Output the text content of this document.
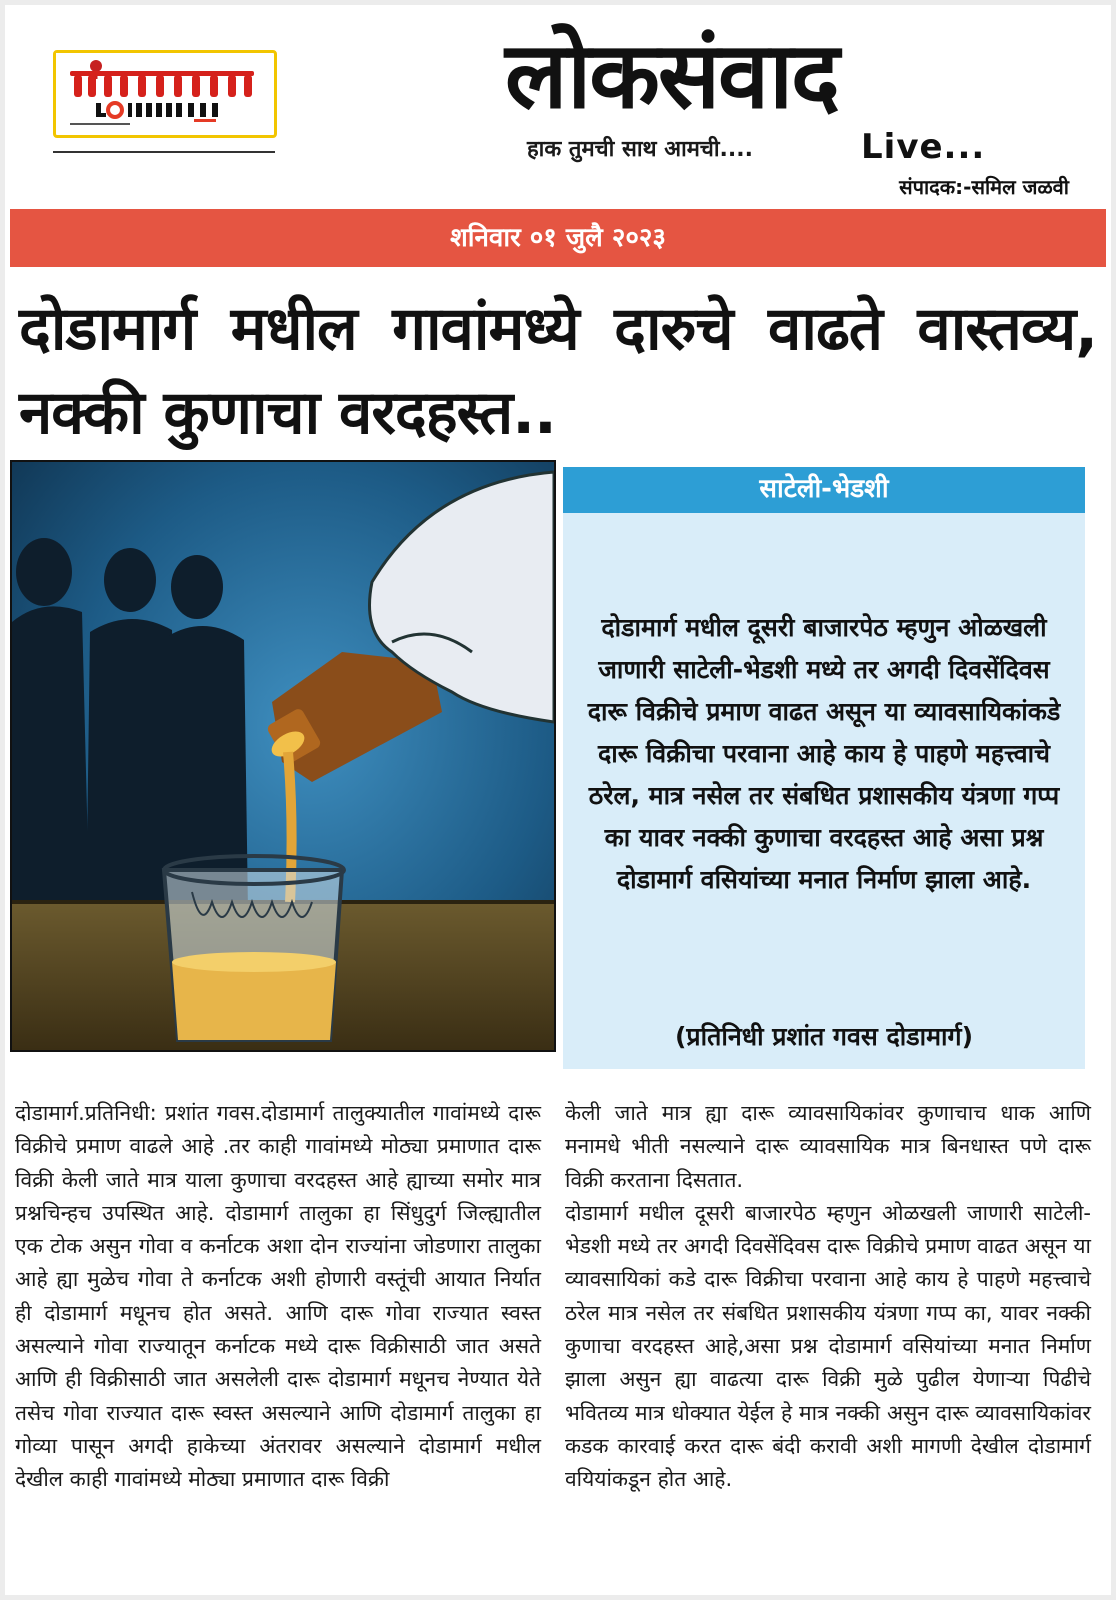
लोकसंवाद
हाक तुमची साथ आमची....	Live...
संपादक:-समिल जळवी
शनिवार ०१ जुलै २०२३
दोडामार्ग मधील गावांमध्ये दारुचे वाढते वास्तव्य, नक्की कुणाचा वरदहस्त..
साटेली-भेडशी
दोडामार्ग मधील दूसरी बाजारपेठ म्हणुन ओळखली जाणारी साटेली-भेडशी मध्ये तर अगदी दिवसेंदिवस दारू विक्रीचे प्रमाण वाढत असून या व्यावसायिकांकडे दारू विक्रीचा परवाना आहे काय हे पाहणे महत्त्वाचे ठरेल, मात्र नसेल तर संबधित प्रशासकीय यंत्रणा गप्प का यावर नक्की कुणाचा वरदहस्त आहे असा प्रश्न दोडामार्ग वसियांच्या मनात निर्माण झाला आहे.
(प्रतिनिधी प्रशांत गवस दोडामार्ग)

दोडामार्ग.प्रतिनिधी: प्रशांत गवस.दोडामार्ग तालुक्यातील गावांमध्ये दारू विक्रीचे प्रमाण वाढले आहे .तर काही गावांमध्ये मोठ्या प्रमाणात दारू विक्री केली जाते मात्र याला कुणाचा वरदहस्त आहे ह्याच्या समोर मात्र प्रश्नचिन्हच उपस्थित आहे. दोडामार्ग तालुका हा सिंधुदुर्ग जिल्ह्यातील एक टोक असुन गोवा व कर्नाटक अशा दोन राज्यांना जोडणारा तालुका आहे ह्या मुळेच गोवा ते कर्नाटक अशी होणारी वस्तूंची आयात निर्यात ही दोडामार्ग मधूनच होत असते. आणि दारू गोवा राज्यात स्वस्त असल्याने गोवा राज्यातून कर्नाटक मध्ये दारू विक्रीसाठी जात असते आणि ही विक्रीसाठी जात असलेली दारू दोडामार्ग मधूनच नेण्यात येते तसेच गोवा राज्यात दारू स्वस्त असल्याने आणि दोडामार्ग तालुका हा गोव्या पासून अगदी हाकेच्या अंतरावर असल्याने दोडामार्ग मधील देखील काही गावांमध्ये मोठ्या प्रमाणात दारू विक्री

केली जाते मात्र ह्या दारू व्यावसायिकांवर कुणाचाच धाक आणि मनामधे भीती नसल्याने दारू व्यावसायिक मात्र बिनधास्त पणे दारू विक्री करताना दिसतात.

दोडामार्ग मधील दूसरी बाजारपेठ म्हणुन ओळखली जाणारी साटेली-भेडशी मध्ये तर अगदी दिवसेंदिवस दारू विक्रीचे प्रमाण वाढत असून या व्यावसायिकां कडे दारू विक्रीचा परवाना आहे काय हे पाहणे महत्त्वाचे ठरेल मात्र नसेल तर संबधित प्रशासकीय यंत्रणा गप्प का, यावर नक्की कुणाचा वरदहस्त आहे,असा प्रश्न दोडामार्ग वसियांच्या मनात निर्माण झाला असुन ह्या वाढत्या दारू विक्री मुळे पुढील येणाऱ्या पिढीचे भवितव्य मात्र धोक्यात येईल हे मात्र नक्की असुन दारू व्यावसायिकांवर कडक कारवाई करत दारू बंदी करावी अशी मागणी देखील दोडामार्ग वयियांकडून होत आहे.
